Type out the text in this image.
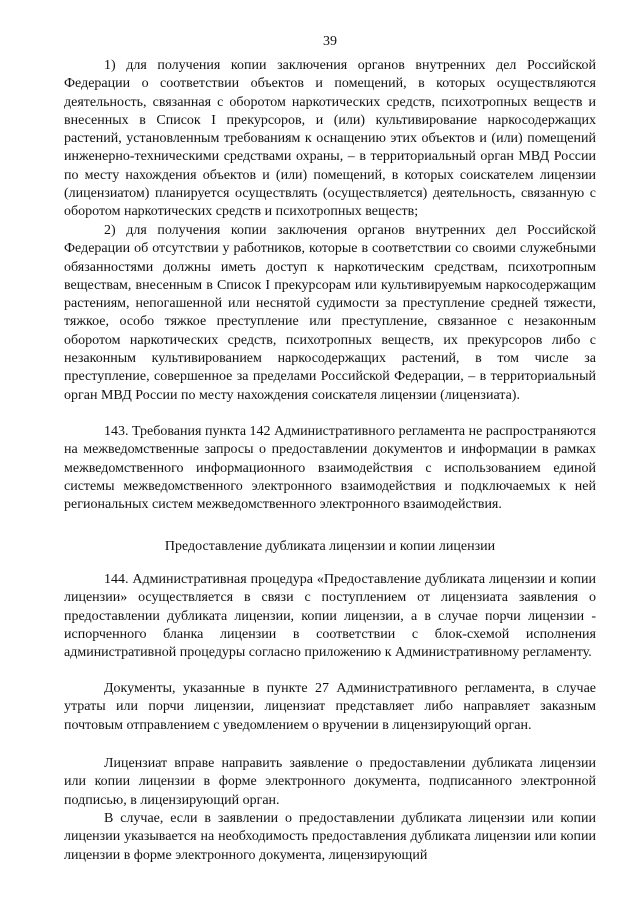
39

1) для получения копии заключения органов внутренних дел Российской Федерации о соответствии объектов и помещений, в которых осуществляются деятельность, связанная с оборотом наркотических средств, психотропных веществ и внесенных в Список I прекурсоров, и (или) культивирование наркосодержащих растений, установленным требованиям к оснащению этих объектов и (или) помещений инженерно-техническими средствами охраны, – в территориальный орган МВД России по месту нахождения объектов и (или) помещений, в которых соискателем лицензии (лицензиатом) планируется осуществлять (осуществляется) деятельность, связанную с оборотом наркотических средств и психотропных веществ;

2) для получения копии заключения органов внутренних дел Российской Федерации об отсутствии у работников, которые в соответствии со своими служебными обязанностями должны иметь доступ к наркотическим средствам, психотропным веществам, внесенным в Список I прекурсорам или культивируемым наркосодержащим растениям, непогашенной или неснятой судимости за преступление средней тяжести, тяжкое, особо тяжкое преступление или преступление, связанное с незаконным оборотом наркотических средств, психотропных веществ, их прекурсоров либо с незаконным культивированием наркосодержащих растений, в том числе за преступление, совершенное за пределами Российской Федерации, – в территориальный орган МВД России по месту нахождения соискателя лицензии (лицензиата).

143. Требования пункта 142 Административного регламента не распространяются на межведомственные запросы о предоставлении документов и информации в рамках межведомственного информационного взаимодействия с использованием единой системы межведомственного электронного взаимодействия и подключаемых к ней региональных систем межведомственного электронного взаимодействия.

Предоставление дубликата лицензии и копии лицензии

144. Административная процедура «Предоставление дубликата лицензии и копии лицензии» осуществляется в связи с поступлением от лицензиата заявления о предоставлении дубликата лицензии, копии лицензии, а в случае порчи лицензии - испорченного бланка лицензии в соответствии с блок-схемой исполнения административной процедуры согласно приложению к Административному регламенту.

Документы, указанные в пункте 27 Административного регламента, в случае утраты или порчи лицензии, лицензиат представляет либо направляет заказным почтовым отправлением с уведомлением о вручении в лицензирующий орган.

Лицензиат вправе направить заявление о предоставлении дубликата лицензии или копии лицензии в форме электронного документа, подписанного электронной подписью, в лицензирующий орган.

В случае, если в заявлении о предоставлении дубликата лицензии или копии лицензии указывается на необходимость предоставления дубликата лицензии или копии лицензии в форме электронного документа, лицензирующий
